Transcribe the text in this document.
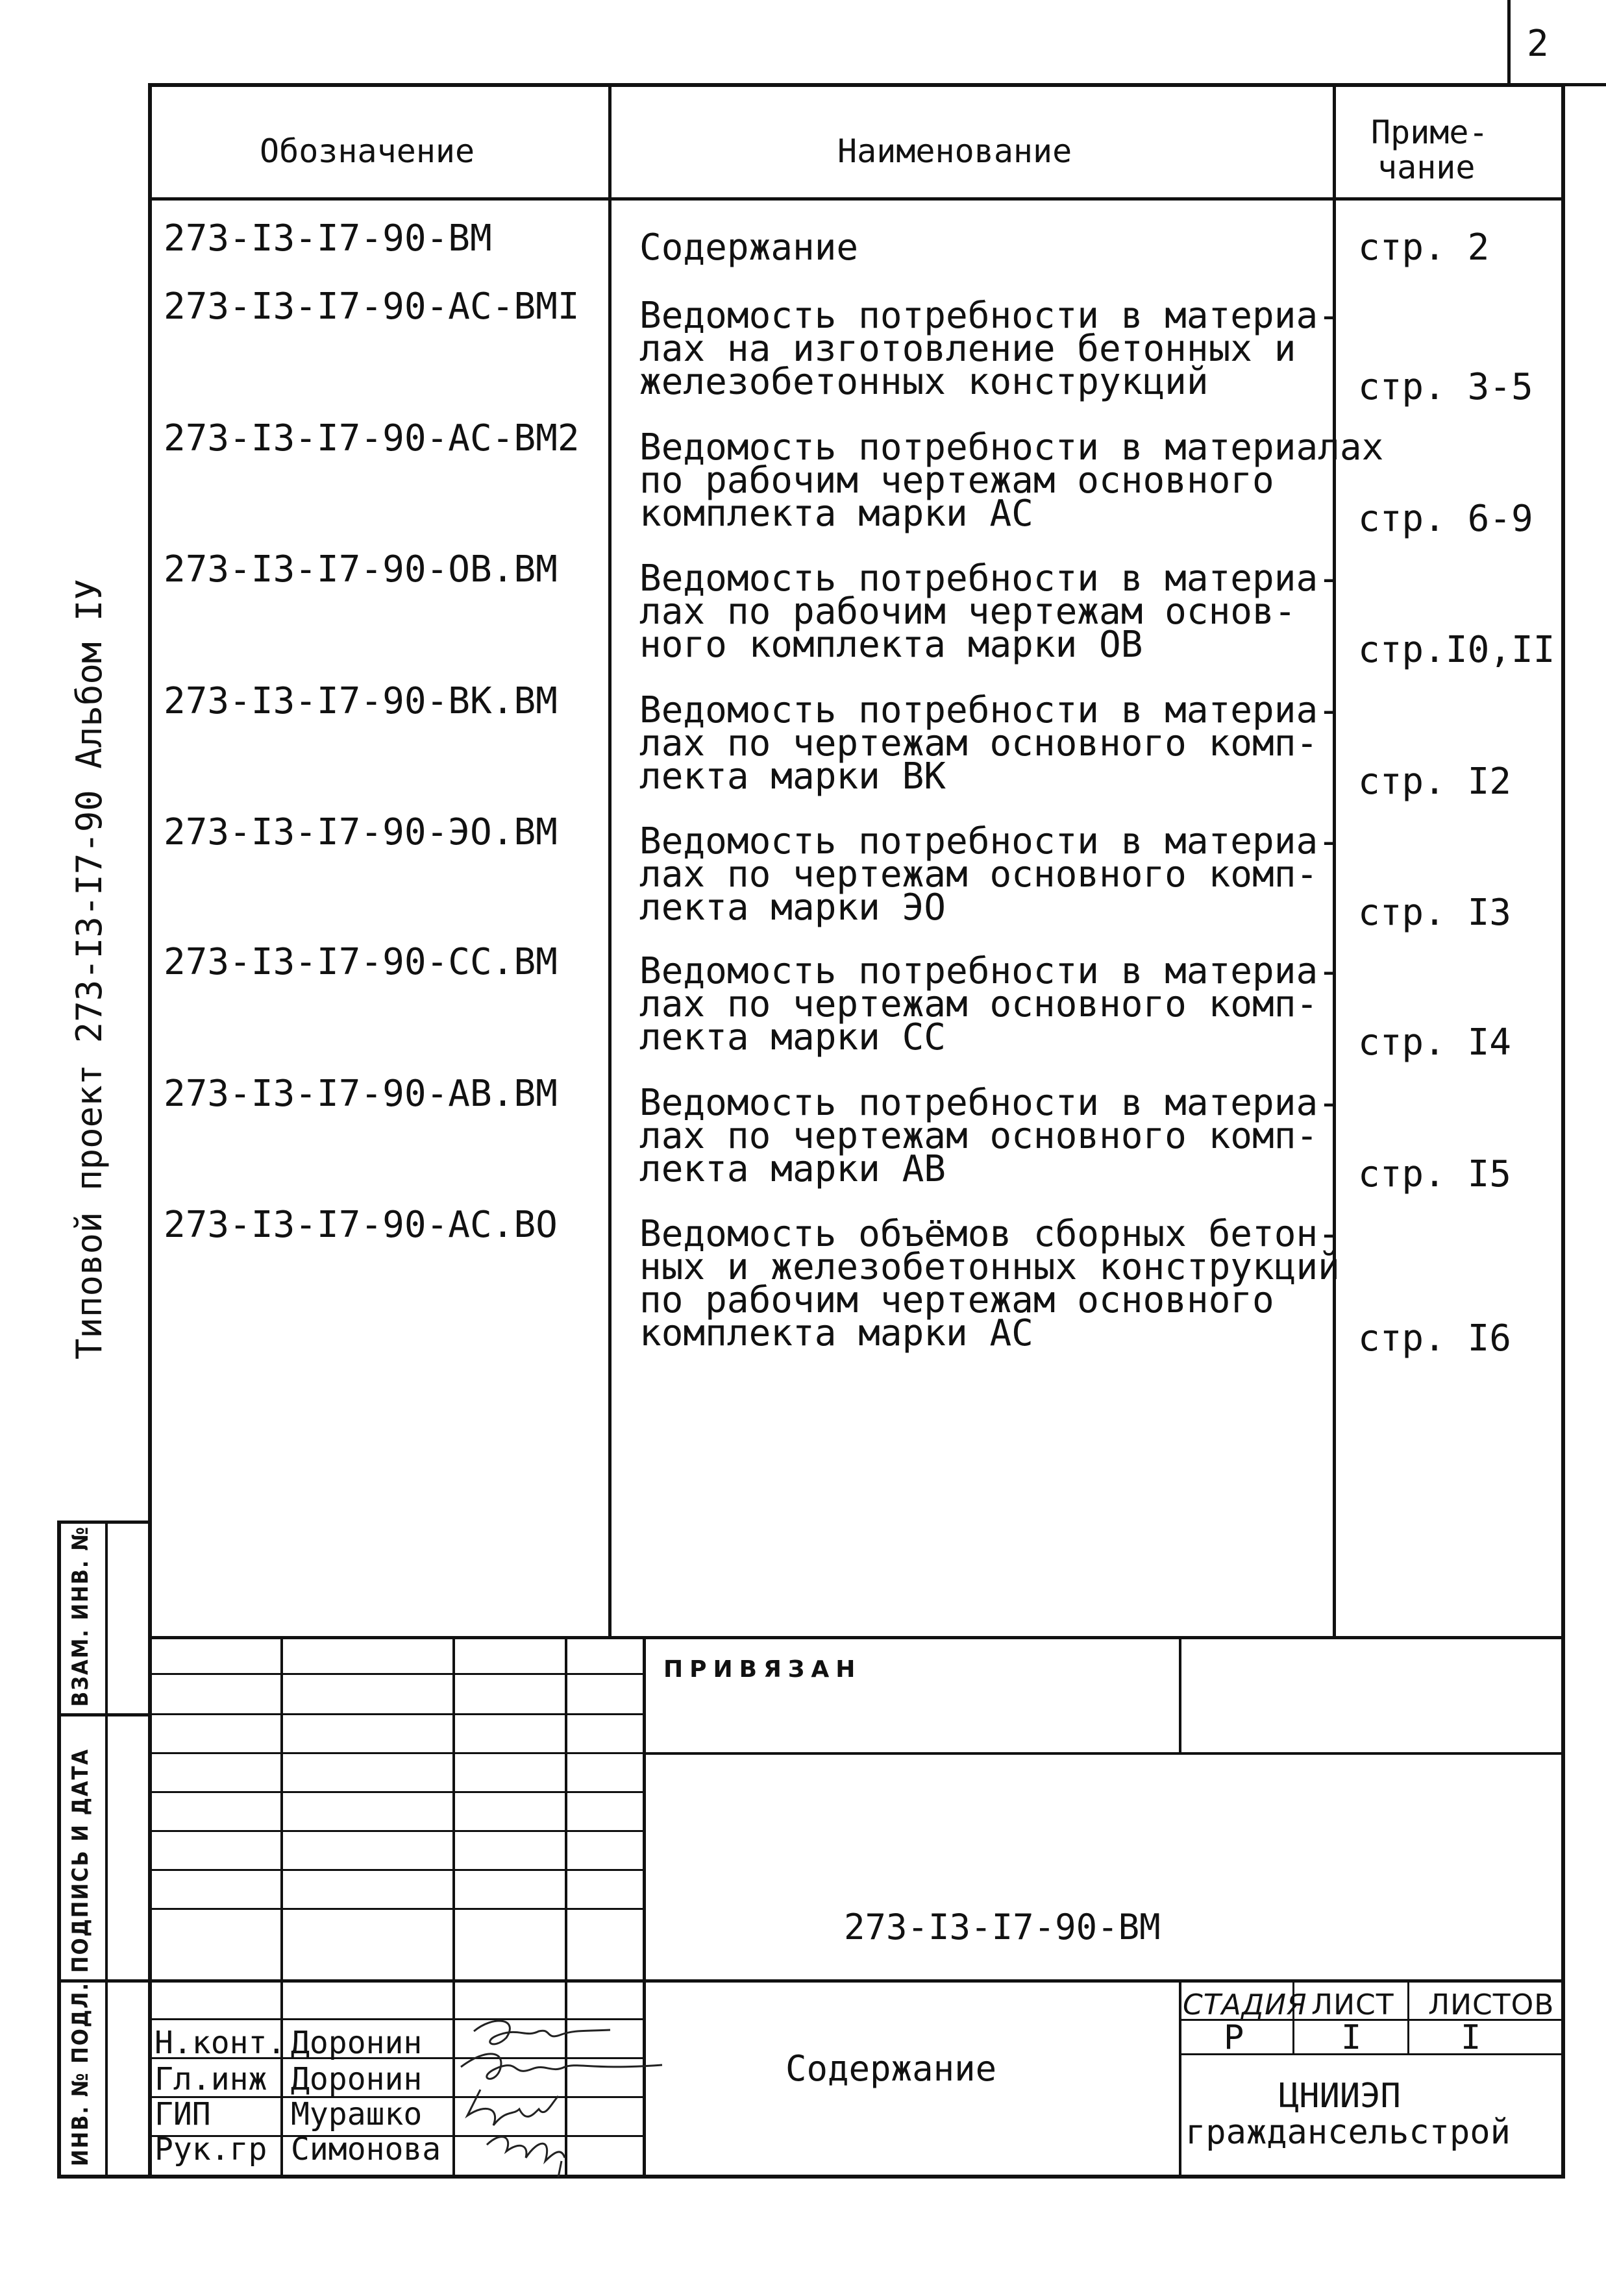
2
Обозначение	Наименование	Приме-
чание
273-I3-I7-90-ВМ	Содержание	стр. 2
273-I3-I7-90-АС-ВМI Ведомость потребности в материа-
лах на изготовление бетонных и
железобетонных конструкций	стр. 3-5
273-I3-I7-90-АС-ВМ2 Ведомость потребности в материалах
по рабочим чертежам основного
комплекта марки АС	стр. 6-9
273-I3-I7-90-ОВ.ВМ Ведомость потребности в материа-
лах по рабочим чертежам основ-
ного комплекта марки ОВ	стр.I0,II
273-I3-I7-90-ВК.ВМ Ведомость потребности в материа-
лах по чертежам основного комп-
лекта марки ВК	стр. I2
273-I3-I7-90-ЭО.ВМ Ведомость потребности в материа-
лах по чертежам основного комп-
лекта марки ЭО	стр. I3
273-I3-I7-90-СС.ВМ Ведомость потребности в материа-
лах по чертежам основного комп-
лекта марки СС	стр. I4
273-I3-I7-90-АВ.ВМ Ведомость потребности в материа-
лах по чертежам основного комп-
лекта марки АВ	стр. I5
273-I3-I7-90-АС.ВО Ведомость объёмов сборных бетон-
ных и железобетонных конструкций
по рабочим чертежам основного
комплекта марки АС	стр. I6
ВЗАМ. ИНВ. №
ПОДПИСЬ И ДАТА
ИНВ. № ПОДЛ.
Типовой проект 273-I3-I7-90 Альбом IУ
ПРИВЯЗАН
273-I3-I7-90-ВМ
Содержание
СТАДИЯ ЛИСТ ЛИСТОВ
Р	I	I
ЦНИИЭП
граждансельстрой
Н.конт. Доронин
Гл.инж Доронин
ГИП	Мурашко
Рук.гр Симонова
